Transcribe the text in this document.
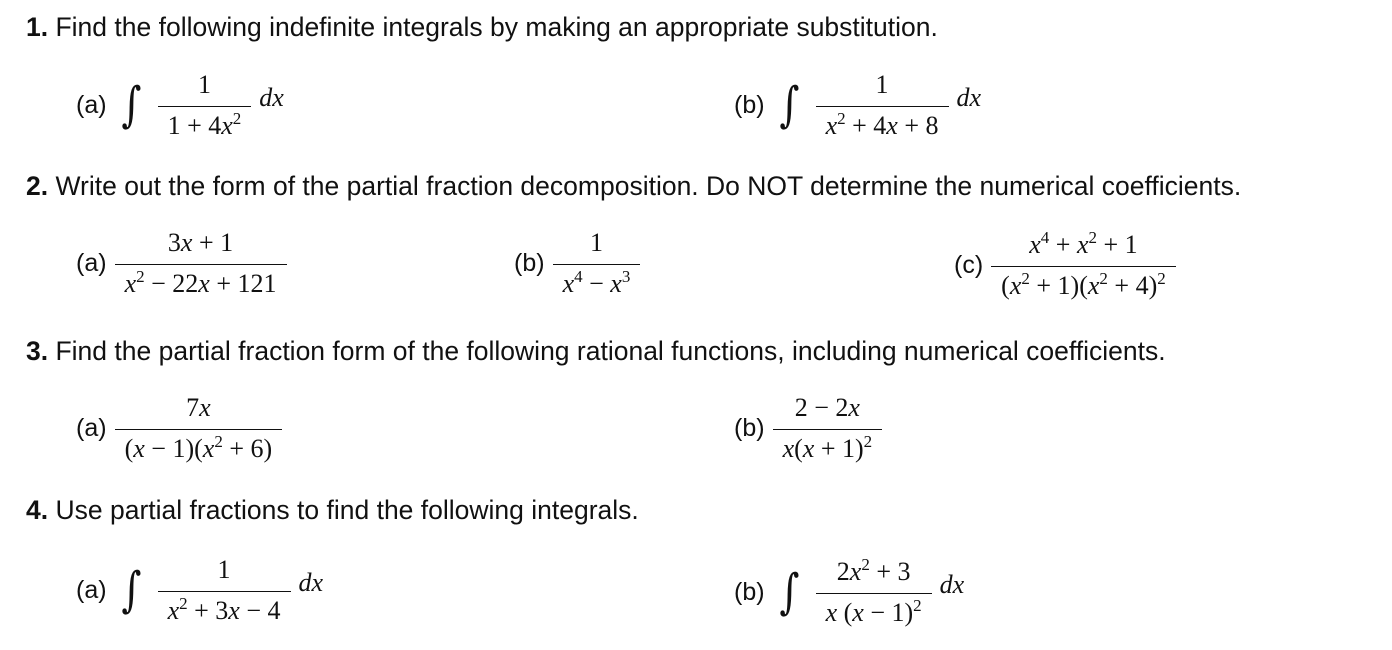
1. Find the following indefinite integrals by making an appropriate substitution.
(a) ∫ $\frac{1}{1 + 4x^2}$ dx	(b) ∫ $\frac{1}{x^2 + 4x + 8}$ dx
2. Write out the form of the partial fraction decomposition. Do NOT determine the numerical coefficients.
$(a) \frac{3x + 1}{x^2 - 22x + 121}$	$(b) \frac{1}{x^4 - x^3}$	$(c) \frac{x^4 + x^2 + 1}{(x^2 + 1)(x^2 + 4)^2}$
3. Find the partial fraction form of the following rational functions, including numerical coefficients.
$(a) \frac{7x}{(x - 1)(x^2 + 6)}$	$(b) \frac{2 - 2x}{x(x + 1)^2}$
4. Use partial fractions to find the following integrals.
(a) ∫ $\frac{1}{x^2 + 3x - 4}$ dx	(b) ∫ $\frac{2x^2 + 3}{x (x - 1)^2}$ dx
